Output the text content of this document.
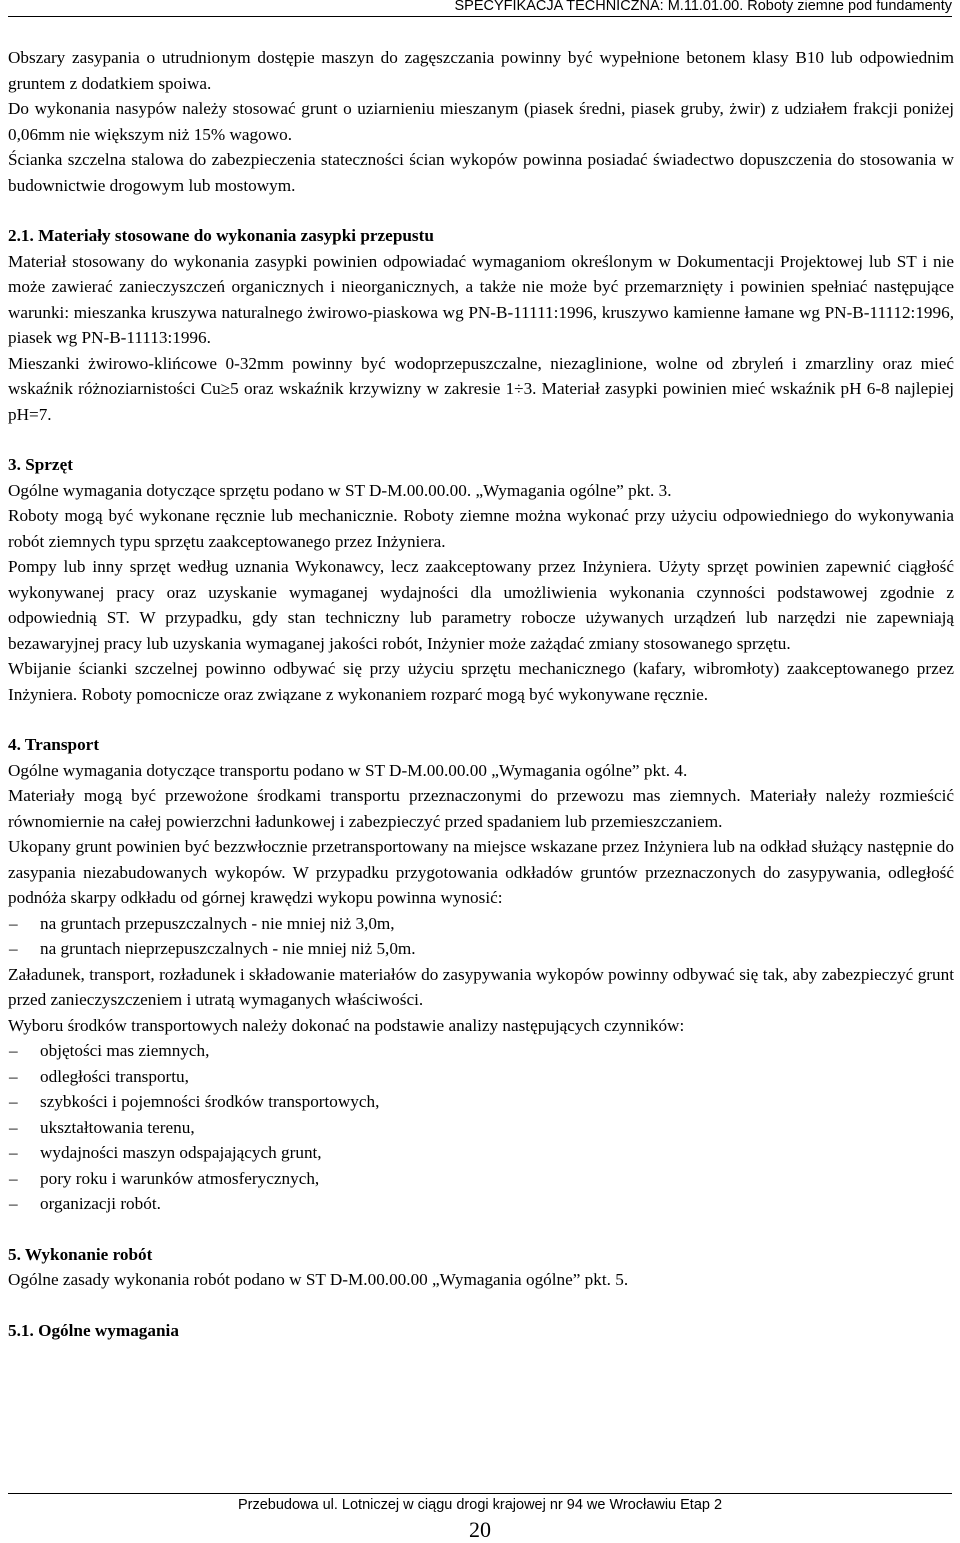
SPECYFIKACJA TECHNICZNA: M.11.01.00. Roboty ziemne pod fundamenty

Obszary zasypania o utrudnionym dostępie maszyn do zagęszczania powinny być wypełnione betonem klasy B10 lub odpowiednim gruntem z dodatkiem spoiwa.

Do wykonania nasypów należy stosować grunt o uziarnieniu mieszanym (piasek średni, piasek gruby, żwir) z udziałem frakcji poniżej 0,06mm nie większym niż 15% wagowo.

Ścianka szczelna stalowa do zabezpieczenia stateczności ścian wykopów powinna posiadać świadectwo dopuszczenia do stosowania w budownictwie drogowym lub mostowym.

2.1. Materiały stosowane do wykonania zasypki przepustu

Materiał stosowany do wykonania zasypki powinien odpowiadać wymaganiom określonym w Dokumentacji Projektowej lub ST i nie może zawierać zanieczyszczeń organicznych i nieorganicznych, a także nie może być przemarznięty i powinien spełniać następujące warunki: mieszanka kruszywa naturalnego żwirowo-piaskowa wg PN-B-11111:1996, kruszywo kamienne łamane wg PN-B-11112:1996, piasek wg PN-B-11113:1996.

Mieszanki żwirowo-klińcowe 0-32mm powinny być wodoprzepuszczalne, niezaglinione, wolne od zbryleń i zmarzliny oraz mieć wskaźnik różnoziarnistości Cu≥5 oraz wskaźnik krzywizny w zakresie 1÷3. Materiał zasypki powinien mieć wskaźnik pH 6-8 najlepiej pH=7.

3. Sprzęt

Ogólne wymagania dotyczące sprzętu podano w ST D-M.00.00.00. „Wymagania ogólne” pkt. 3.

Roboty mogą być wykonane ręcznie lub mechanicznie. Roboty ziemne można wykonać przy użyciu odpowiedniego do wykonywania robót ziemnych typu sprzętu zaakceptowanego przez Inżyniera.

Pompy lub inny sprzęt według uznania Wykonawcy, lecz zaakceptowany przez Inżyniera. Użyty sprzęt powinien zapewnić ciągłość wykonywanej pracy oraz uzyskanie wymaganej wydajności dla umożliwienia wykonania czynności podstawowej zgodnie z odpowiednią ST. W przypadku, gdy stan techniczny lub parametry robocze używanych urządzeń lub narzędzi nie zapewniają bezawaryjnej pracy lub uzyskania wymaganej jakości robót, Inżynier może zażądać zmiany stosowanego sprzętu.

Wbijanie ścianki szczelnej powinno odbywać się przy użyciu sprzętu mechanicznego (kafary, wibromłoty) zaakceptowanego przez Inżyniera. Roboty pomocnicze oraz związane z wykonaniem rozparć mogą być wykonywane ręcznie.

4. Transport

Ogólne wymagania dotyczące transportu podano w ST D-M.00.00.00 „Wymagania ogólne” pkt. 4.

Materiały mogą być przewożone środkami transportu przeznaczonymi do przewozu mas ziemnych. Materiały należy rozmieścić równomiernie na całej powierzchni ładunkowej i zabezpieczyć przed spadaniem lub przemieszczaniem.

Ukopany grunt powinien być bezzwłocznie przetransportowany na miejsce wskazane przez Inżyniera lub na odkład służący następnie do zasypania niezabudowanych wykopów. W przypadku przygotowania odkładów gruntów przeznaczonych do zasypywania, odległość podnóża skarpy odkładu od górnej krawędzi wykopu powinna wynosić:

– na gruntach przepuszczalnych - nie mniej niż 3,0m,
– na gruntach nieprzepuszczalnych - nie mniej niż 5,0m.

Załadunek, transport, rozładunek i składowanie materiałów do zasypywania wykopów powinny odbywać się tak, aby zabezpieczyć grunt przed zanieczyszczeniem i utratą wymaganych właściwości.

Wyboru środków transportowych należy dokonać na podstawie analizy następujących czynników:

– objętości mas ziemnych,
– odległości transportu,
– szybkości i pojemności środków transportowych,
– ukształtowania terenu,
– wydajności maszyn odspajających grunt,
– pory roku i warunków atmosferycznych,
– organizacji robót.

5. Wykonanie robót

Ogólne zasady wykonania robót podano w ST D-M.00.00.00 „Wymagania ogólne” pkt. 5.

5.1. Ogólne wymagania

Przebudowa ul. Lotniczej w ciągu drogi krajowej nr 94 we Wrocławiu Etap 2
20
